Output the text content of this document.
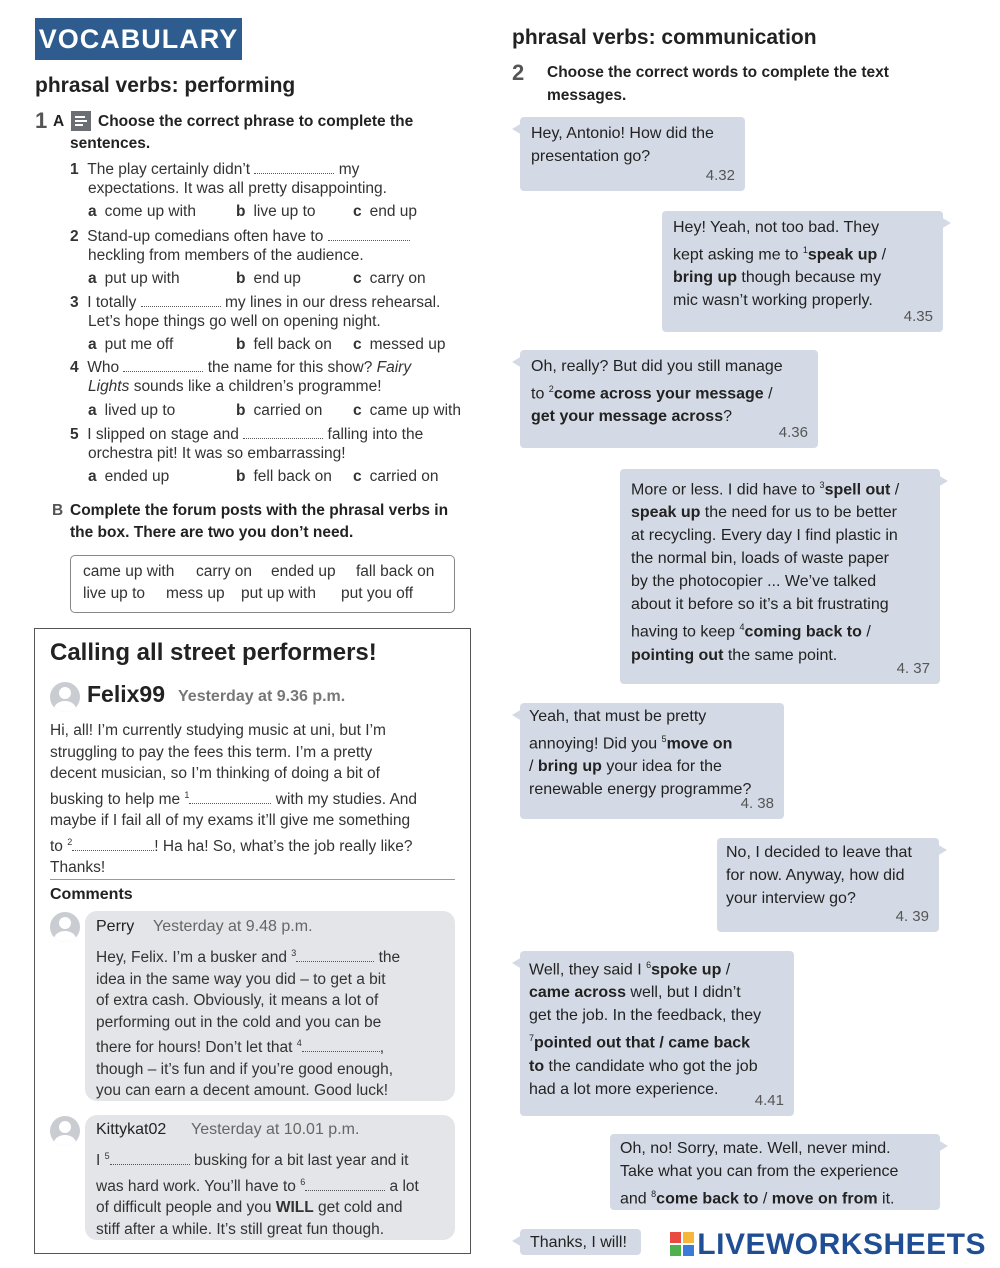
VOCABULARY
phrasal verbs: performing
1 A Choose the correct phrase to complete the
sentences.
1 The play certainly didn’t	my
expectations. It was all pretty disappointing.
a come up with	b live up to c end up
2 Stand-up comedians often have to
heckling from members of the audience.
a put up with	b end up	c carry on
3 I totally	my lines in our dress rehearsal.
Let’s hope things go well on opening night.
a put me off	b fell back on c messed up
4 Who	the name for this show? Fairy
Lights sounds like a children’s programme!
a lived up to	b carried on c came up with
5 I slipped on stage and	falling into the
orchestra pit! It was so embarrassing!
a ended up	b fell back on c carried on
B Complete the forum posts with the phrasal verbs in
the box. There are two you don’t need.
came up with carry on ended up fall back on
live up to mess up put up with put you off
Calling all street performers!
Felix99 Yesterday at 9.36 p.m.
Hi, all! I’m currently studying music at uni, but I’m
struggling to pay the fees this term. I’m a pretty
decent musician, so I’m thinking of doing a bit of
busking to help me $^1$	with my studies. And
maybe if I fail all of my exams it’ll give me something
to $^2$	! Ha ha! So, what’s the job really like?
Thanks!
Comments
Perry Yesterday at 9.48 p.m.
Hey, Felix. I’m a busker and $^3$	the
idea in the same way you did – to get a bit
of extra cash. Obviously, it means a lot of
performing out in the cold and you can be
there for hours! Don’t let that $^4$	,
though – it’s fun and if you’re good enough,
you can earn a decent amount. Good luck!
Kittykat02 Yesterday at 10.01 p.m.
I $^5$	busking for a bit last year and it
was hard work. You’ll have to $^6$	a lot
of difficult people and you WILL get cold and
stiff after a while. It’s still great fun though.
phrasal verbs: communication
2 Choose the correct words to complete the text
messages.
Hey, Antonio! How did the
presentation go?
4.32
Hey! Yeah, not too bad. They
kept asking me to $^1$speak up /
bring up though because my
mic wasn’t working properly.
4.35
Oh, really? But did you still manage
to $^2$come across your message /
get your message across?
4.36
More or less. I did have to $^3$spell out /
speak up the need for us to be better
at recycling. Every day I find plastic in
the normal bin, loads of waste paper
by the photocopier ... We’ve talked
about it before so it’s a bit frustrating
having to keep $^4$coming back to /
pointing out the same point.
4. 37
Yeah, that must be pretty
annoying! Did you $^5$move on
/ bring up your idea for the
renewable energy programme?
4. 38
No, I decided to leave that
for now. Anyway, how did
your interview go?
4. 39
Well, they said I $^6$spoke up /
came across well, but I didn’t
get the job. In the feedback, they
$^7$pointed out that / came back
to the candidate who got the job
had a lot more experience.
4.41
Oh, no! Sorry, mate. Well, never mind.
Take what you can from the experience
and $^8$come back to / move on from it.
Thanks, I will!	LIVEWORKSHEETS
